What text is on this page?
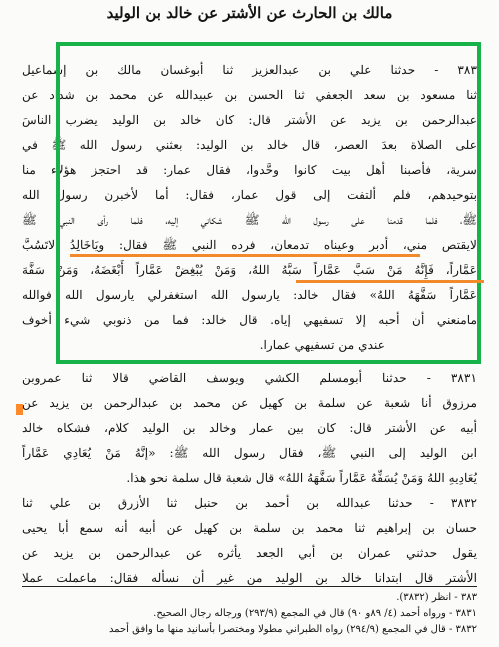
مالك بن الحارث عن الأشتر عن خالد بن الوليد
٣٨٣ - حدثنا علي بن عبدالعزيز ثنا أبوغسان مالك بن إسماعيل
ثنا مسعود بن سعد الجعفي ثنا الحسن بن عبيدالله عن محمد بن شداد عن
عبدالرحمن بن يزيد عن الأشتر قال: كان خالد بن الوليد يضرب الناسَ
على الصلاة بعدَ العصر، قال خالد بن الوليد: بعثني رسول الله ﷺ في
سرية، فأصبنا أهل بيت كانوا وحَّدوا، فقال عمار: قد احتجز هؤلاء منا
بتوحيدهم، فلم ألتفت إلى قول عمار، فقال: أما لأخبرن رسول الله
ﷺ، فلما قدمنا على رسول الله ﷺ شكاني إليه، فلما رأى النبي ﷺ
لايقتص مني، أدبر وعيناه تدمعان، فرده النبي ﷺ فقال: ويَاخَالِدُ لاتَسُبَّ
عَمَّاراً، فَإِنَّهُ مَنْ سَبَّ عَمَّاراً سَبَّهُ اللهُ، وَمَنْ يُبْغِضْ عَمَّاراً أَبْغَضَهُ، وَمَنْ سَفَّهَ
عَمَّاراً سَفَّهَهُ اللهُ» فقال خالد: يارسول الله استغفرلي يارسول الله فوالله
مامنعني أن أحبه إلا تسفيهي إياه. قال خالد: فما من ذنوبي شيء أخوف
عندي من تسفيهي عمارا.
٣٨٣١ - حدثنا أبومسلم الكشي ويوسف القاضي قالا ثنا عمروبن
مرزوق أنا شعبة عن سلمة بن كهيل عن محمد بن عبدالرحمن بن يزيد عن
أبيه عن الأشتر قال: كان بين عمار وخالد بن الوليد كلام، فشكاه خالد
ابن الوليد إلى النبي ﷺ، فقال رسول الله ﷺ: «إنَّهُ مَنْ يُعَادِي عَمَّاراً
يُعَادِيهِ اللهُ وَمَنْ يُسَفِّهُ عَمَّاراً سَفَّهَهُ اللهُ» قال شعبة قال سلمة نحو هذا.
٣٨٣٢ - حدثنا عبدالله بن أحمد بن حنبل ثنا الأزرق بن علي ثنا
حسان بن إبراهيم ثنا محمد بن سلمة بن كهيل عن أبيه أنه سمع أبا يحيى
يقول حدثني عمران بن أبي الجعد يأثره عن عبدالرحمن بن يزيد عن
الأشتر قال ابتدانا خالد بن الوليد من غير أن نسأله فقال: ماعملت عملا
٣٨٣ - انظر (٣٨٣٢).
٣٨٣١ - ورواه أحمد (٤/ ٨٩و ٩٠) قال في المجمع (٢٩٣/٩) ورجاله رجال الصحيح.
٣٨٣٢ - قال في المجمع (٢٩٤/٩) رواه الطبراني مطولا ومختصرا بأسانيد منها ما وافق أحمد
